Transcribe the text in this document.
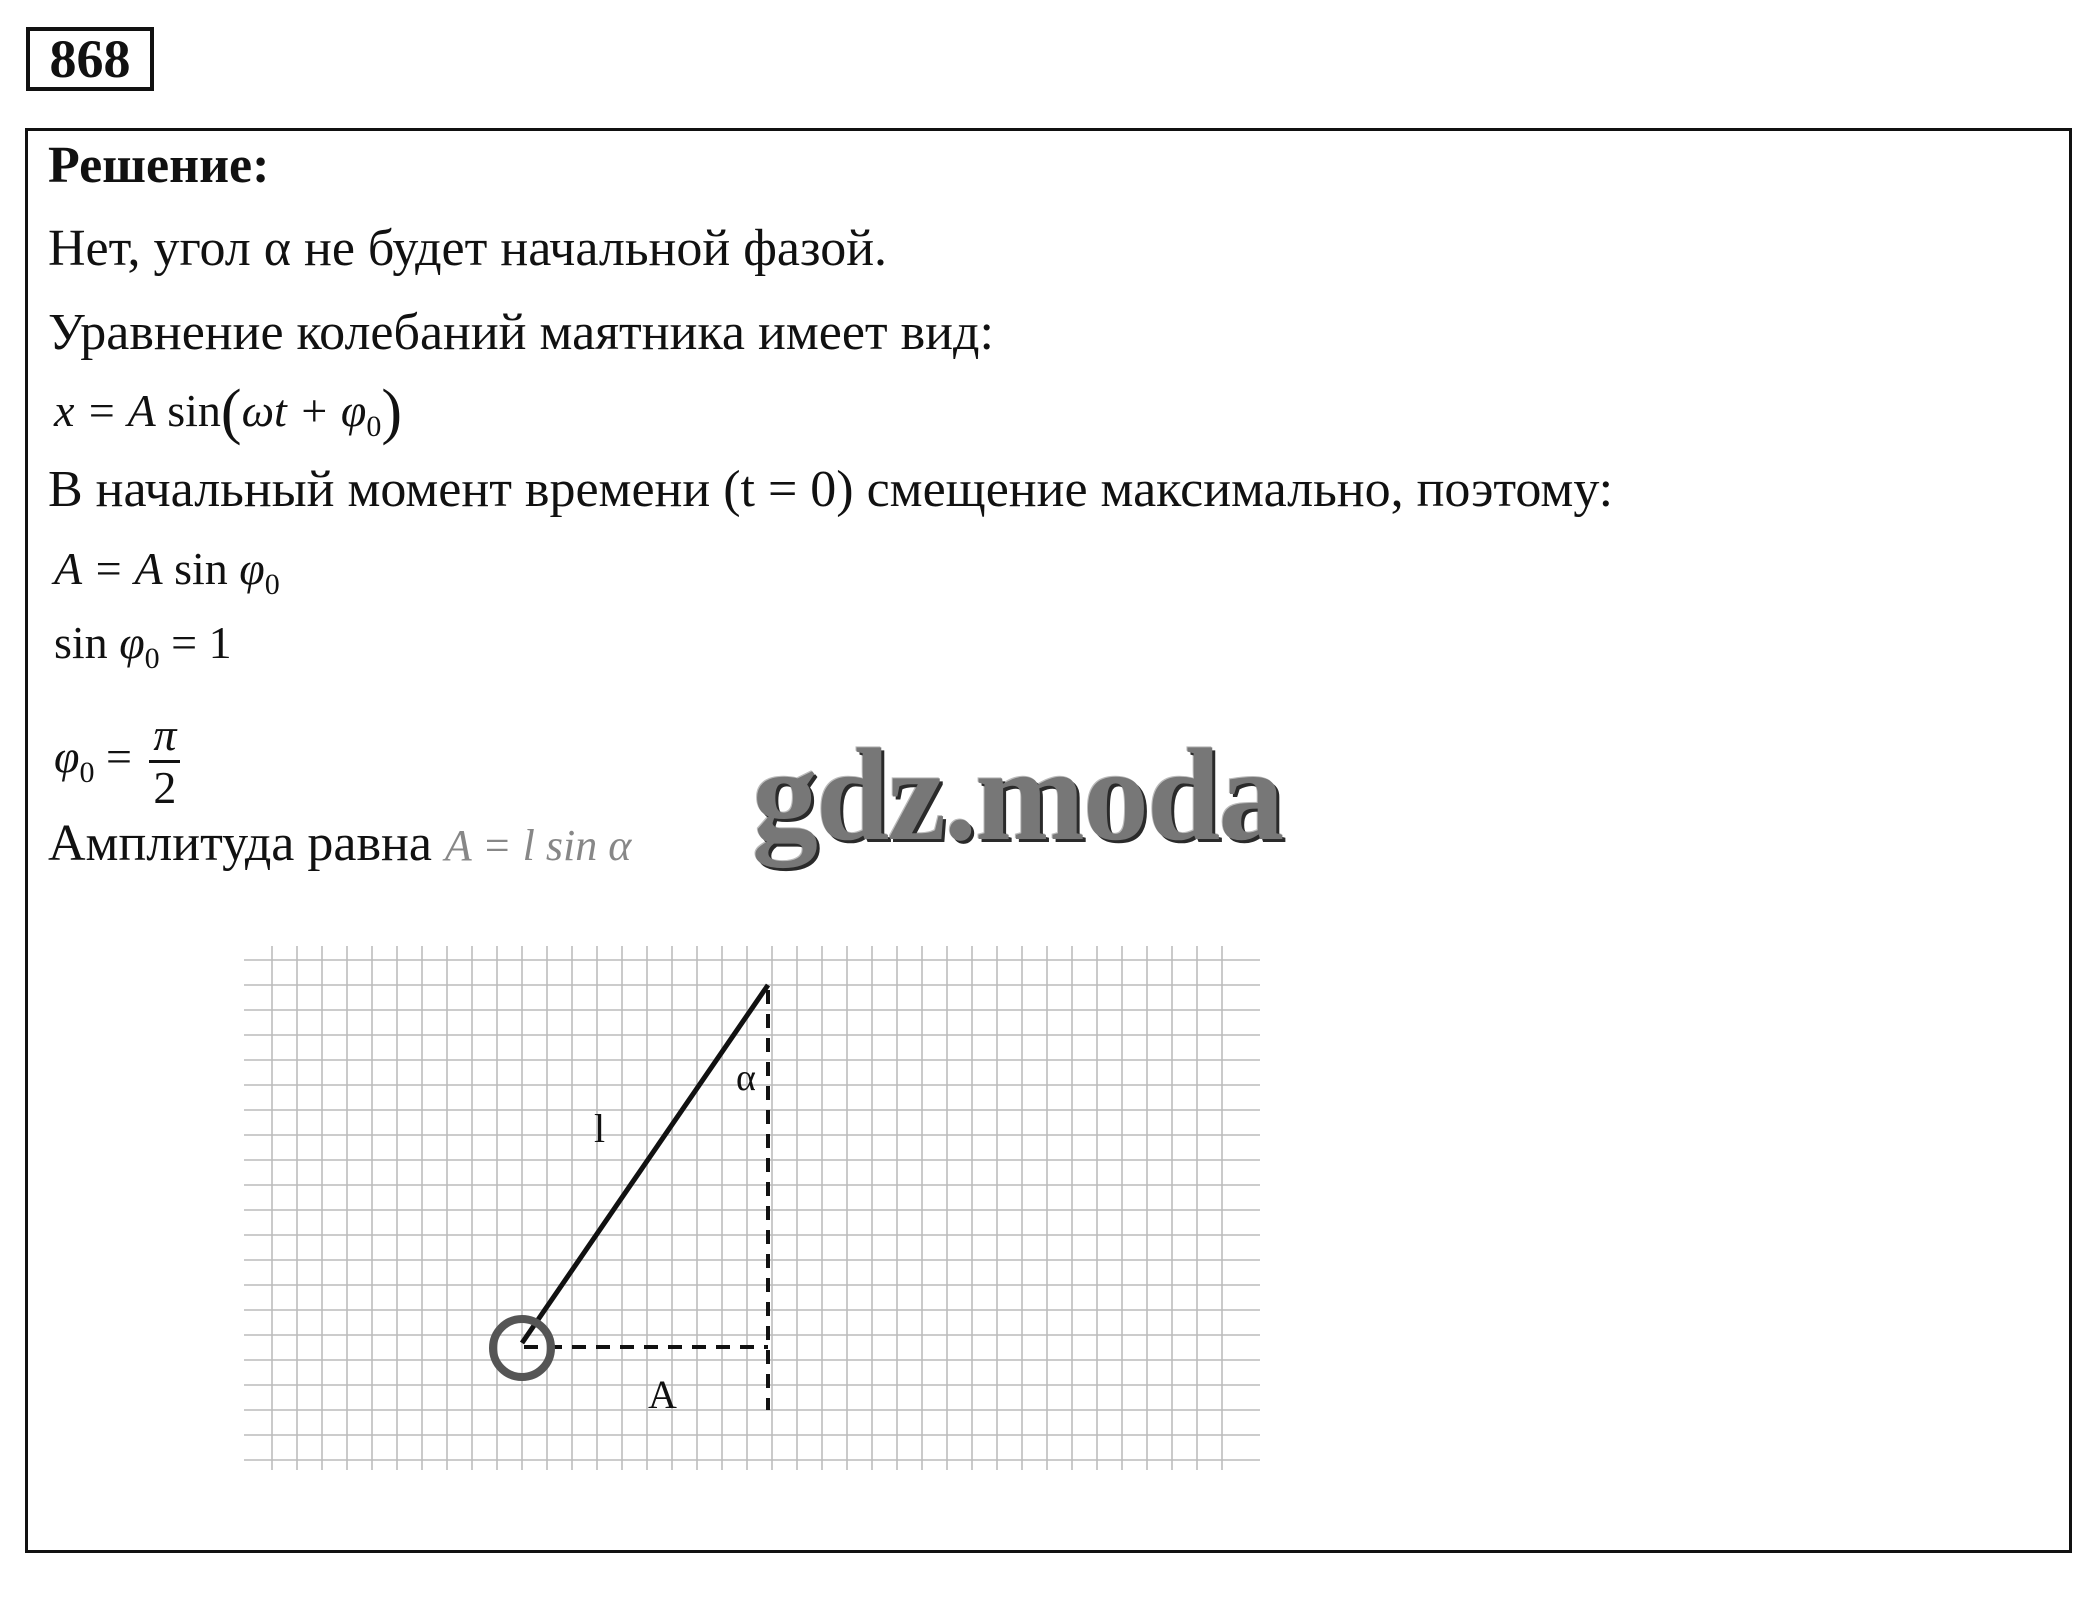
868
Решение:
Нет, угол α не будет начальной фазой.
Уравнение колебаний маятника имеет вид:
x = A $\sin(\omega t + \varphi_0)$
В начальный момент времени (t = 0) смещение максимально, поэтому:
A = A $\sin \varphi_0$
$\sin \varphi_0 = 1$
$\varphi_0 = \frac{\pi}{2}$
Амплитуда равна A = l sin α gdz.moda
l
α
A
